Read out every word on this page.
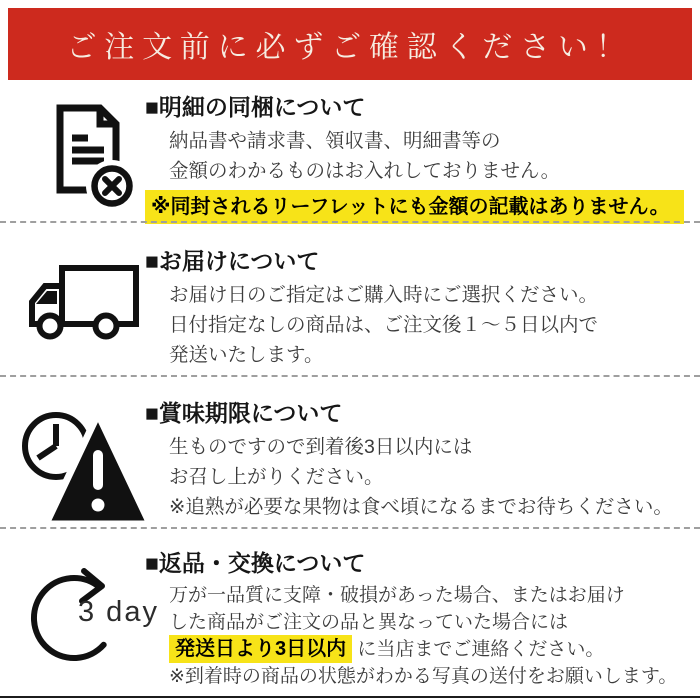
ご注文前に必ずご確認ください！
■明細の同梱について
納品書や請求書、領収書、明細書等の
金額のわかるものはお入れしておりません。
※同封されるリーフレットにも金額の記載はありません。
■お届けについて
お届け日のご指定はご購入時にご選択ください。
日付指定なしの商品は、ご注文後１～５日以内で
発送いたします。
■賞味期限について
生ものですので到着後3日以内には
お召し上がりください。
※追熟が必要な果物は食べ頃になるまでお待ちください。
3 day
■返品・交換について
万が一品質に支障・破損があった場合、またはお届け
した商品がご注文の品と異なっていた場合には
発送日より3日以内 に当店までご連絡ください。
※到着時の商品の状態がわかる写真の送付をお願いします。
